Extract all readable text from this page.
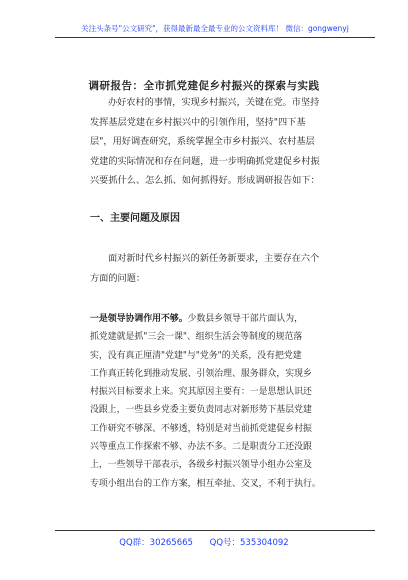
关注头条号"公文研究"，获得最新最全最专业的公文资料库！ 微信：gongwenyj
调研报告：全市抓党建促乡村振兴的探索与实践
办好农村的事情，实现乡村振兴，关键在党。市坚持
发挥基层党建在乡村振兴中的引领作用，坚持"四下基
层"，用好调查研究，系统掌握全市乡村振兴、农村基层
党建的实际情况和存在问题，进一步明确抓党建促乡村振
兴要抓什么、怎么抓、如何抓得好。形成调研报告如下：
一、主要问题及原因
面对新时代乡村振兴的新任务新要求，主要存在六个
方面的问题：
一是领导协调作用不够。少数县乡领导干部片面认为，
抓党建就是抓"三会一课"、组织生活会等制度的规范落
实，没有真正厘清"党建"与"党务"的关系，没有把党建
工作真正转化到推动发展、引领治理、服务群众，实现乡
村振兴目标要求上来。究其原因主要有：一是思想认识还
没跟上，一些县乡党委主要负责同志对新形势下基层党建
工作研究不够深、不够透，特别是对当前抓党建促乡村振
兴等重点工作探索不够、办法不多。二是职责分工还没跟
上，一些领导干部表示，各级乡村振兴领导小组办公室及
专项小组出台的工作方案，相互牵扯、交叉，不利于执行。
QQ群：30265665 QQ号：535304092
